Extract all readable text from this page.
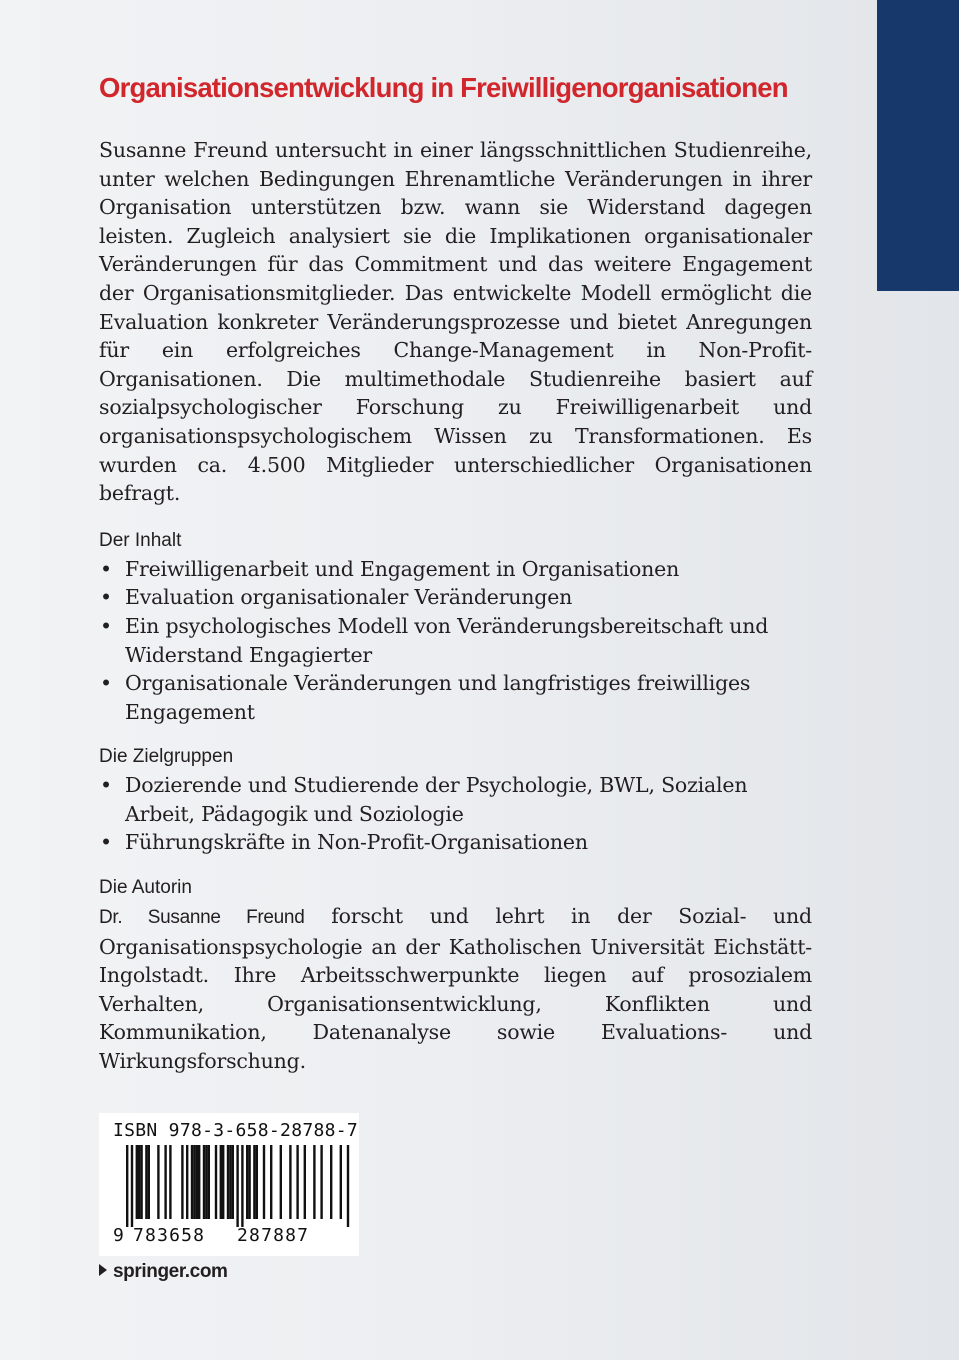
Organisationsentwicklung in Freiwilligenorganisationen

Susanne Freund untersucht in einer längsschnittlichen Studienreihe, unter welchen Bedingungen Ehrenamtliche Veränderungen in ihrer Organisation unterstützen bzw. wann sie Widerstand dagegen leisten. Zugleich analysiert sie die Implikationen organisationaler Veränderungen für das Commitment und das weitere Engagement der Organisationsmitglieder. Das entwickelte Modell ermöglicht die Evaluation konkreter Veränderungsprozesse und bietet Anregungen für ein erfolgreiches Change-Management in Non-Profit-Organisationen. Die multimethodale Studienreihe basiert auf sozialpsychologischer Forschung zu Freiwilligenarbeit und organisationspsychologischem Wissen zu Transformationen. Es wurden ca. 4.500 Mitglieder unterschiedlicher Organisationen befragt.

Der Inhalt
• Freiwilligenarbeit und Engagement in Organisationen
• Evaluation organisationaler Veränderungen
• Ein psychologisches Modell von Veränderungsbereitschaft und Widerstand Engagierter
• Organisationale Veränderungen und langfristiges freiwilliges Engagement
Die Zielgruppen
• Dozierende und Studierende der Psychologie, BWL, Sozialen Arbeit, Pädagogik und Soziologie
• Führungskräfte in Non-Profit-Organisationen
Die Autorin

Dr. Susanne Freund forscht und lehrt in der Sozial- und Organisationspsychologie an der Katholischen Universität Eichstätt-Ingolstadt. Ihre Arbeitsschwerpunkte liegen auf prosozialem Verhalten, Organisationsentwicklung, Konflikten und Kommunikation, Datenanalyse sowie Evaluations- und Wirkungsforschung.

ISBN 978-3-658-28788-7
9 783658 287887
springer.com
